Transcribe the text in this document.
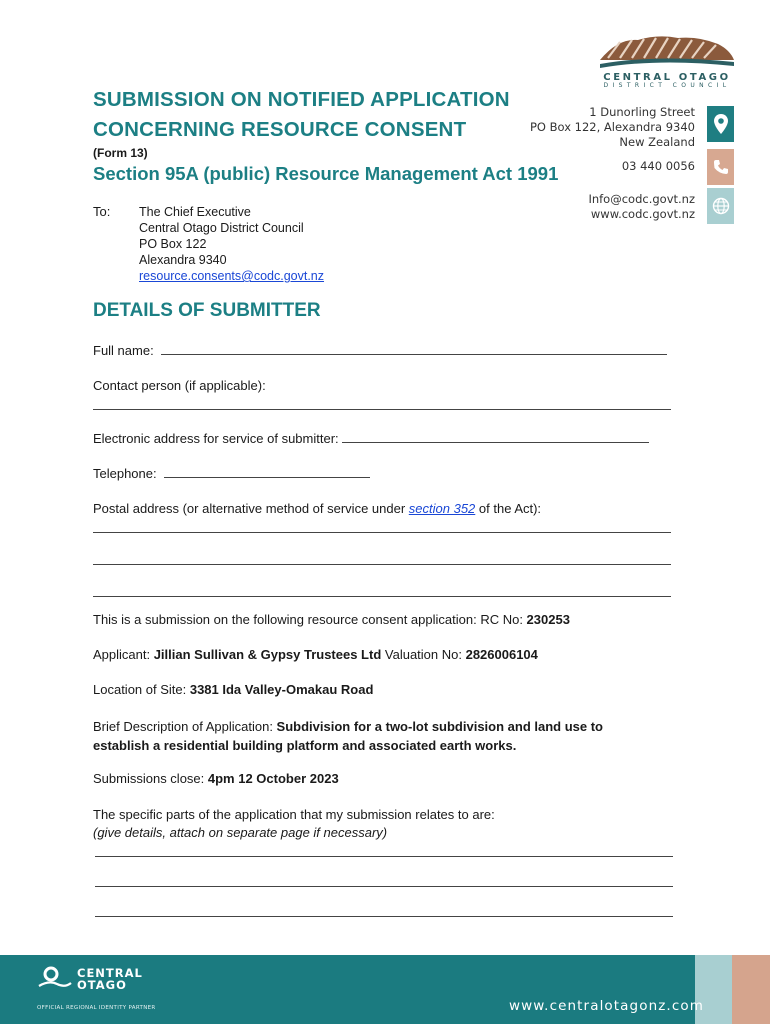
CENTRAL OTAGO
DISTRICT COUNCIL
1 Dunorling Street
PO Box 122, Alexandra 9340
New Zealand
03 440 0056
Info@codc.govt.nz
www.codc.govt.nz
SUBMISSION ON NOTIFIED APPLICATION
CONCERNING RESOURCE CONSENT
(Form 13)
Section 95A (public) Resource Management Act 1991
To: The Chief Executive
Central Otago District Council
PO Box 122
Alexandra 9340
resource.consents@codc.govt.nz
DETAILS OF SUBMITTER
Full name:
Contact person (if applicable):
Electronic address for service of submitter:
Telephone:
Postal address (or alternative method of service under section 352 of the Act):
This is a submission on the following resource consent application: RC No: 230253
Applicant: Jillian Sullivan & Gypsy Trustees Ltd Valuation No: 2826006104
Location of Site: 3381 Ida Valley-Omakau Road
Brief Description of Application: Subdivision for a two-lot subdivision and land use to
establish a residential building platform and associated earth works.
Submissions close: 4pm 12 October 2023
The specific parts of the application that my submission relates to are:
(give details, attach on separate page if necessary)
CENTRAL
OTAGO
OFFICIAL REGIONAL IDENTITY PARTNER	www.centralotagonz.com
